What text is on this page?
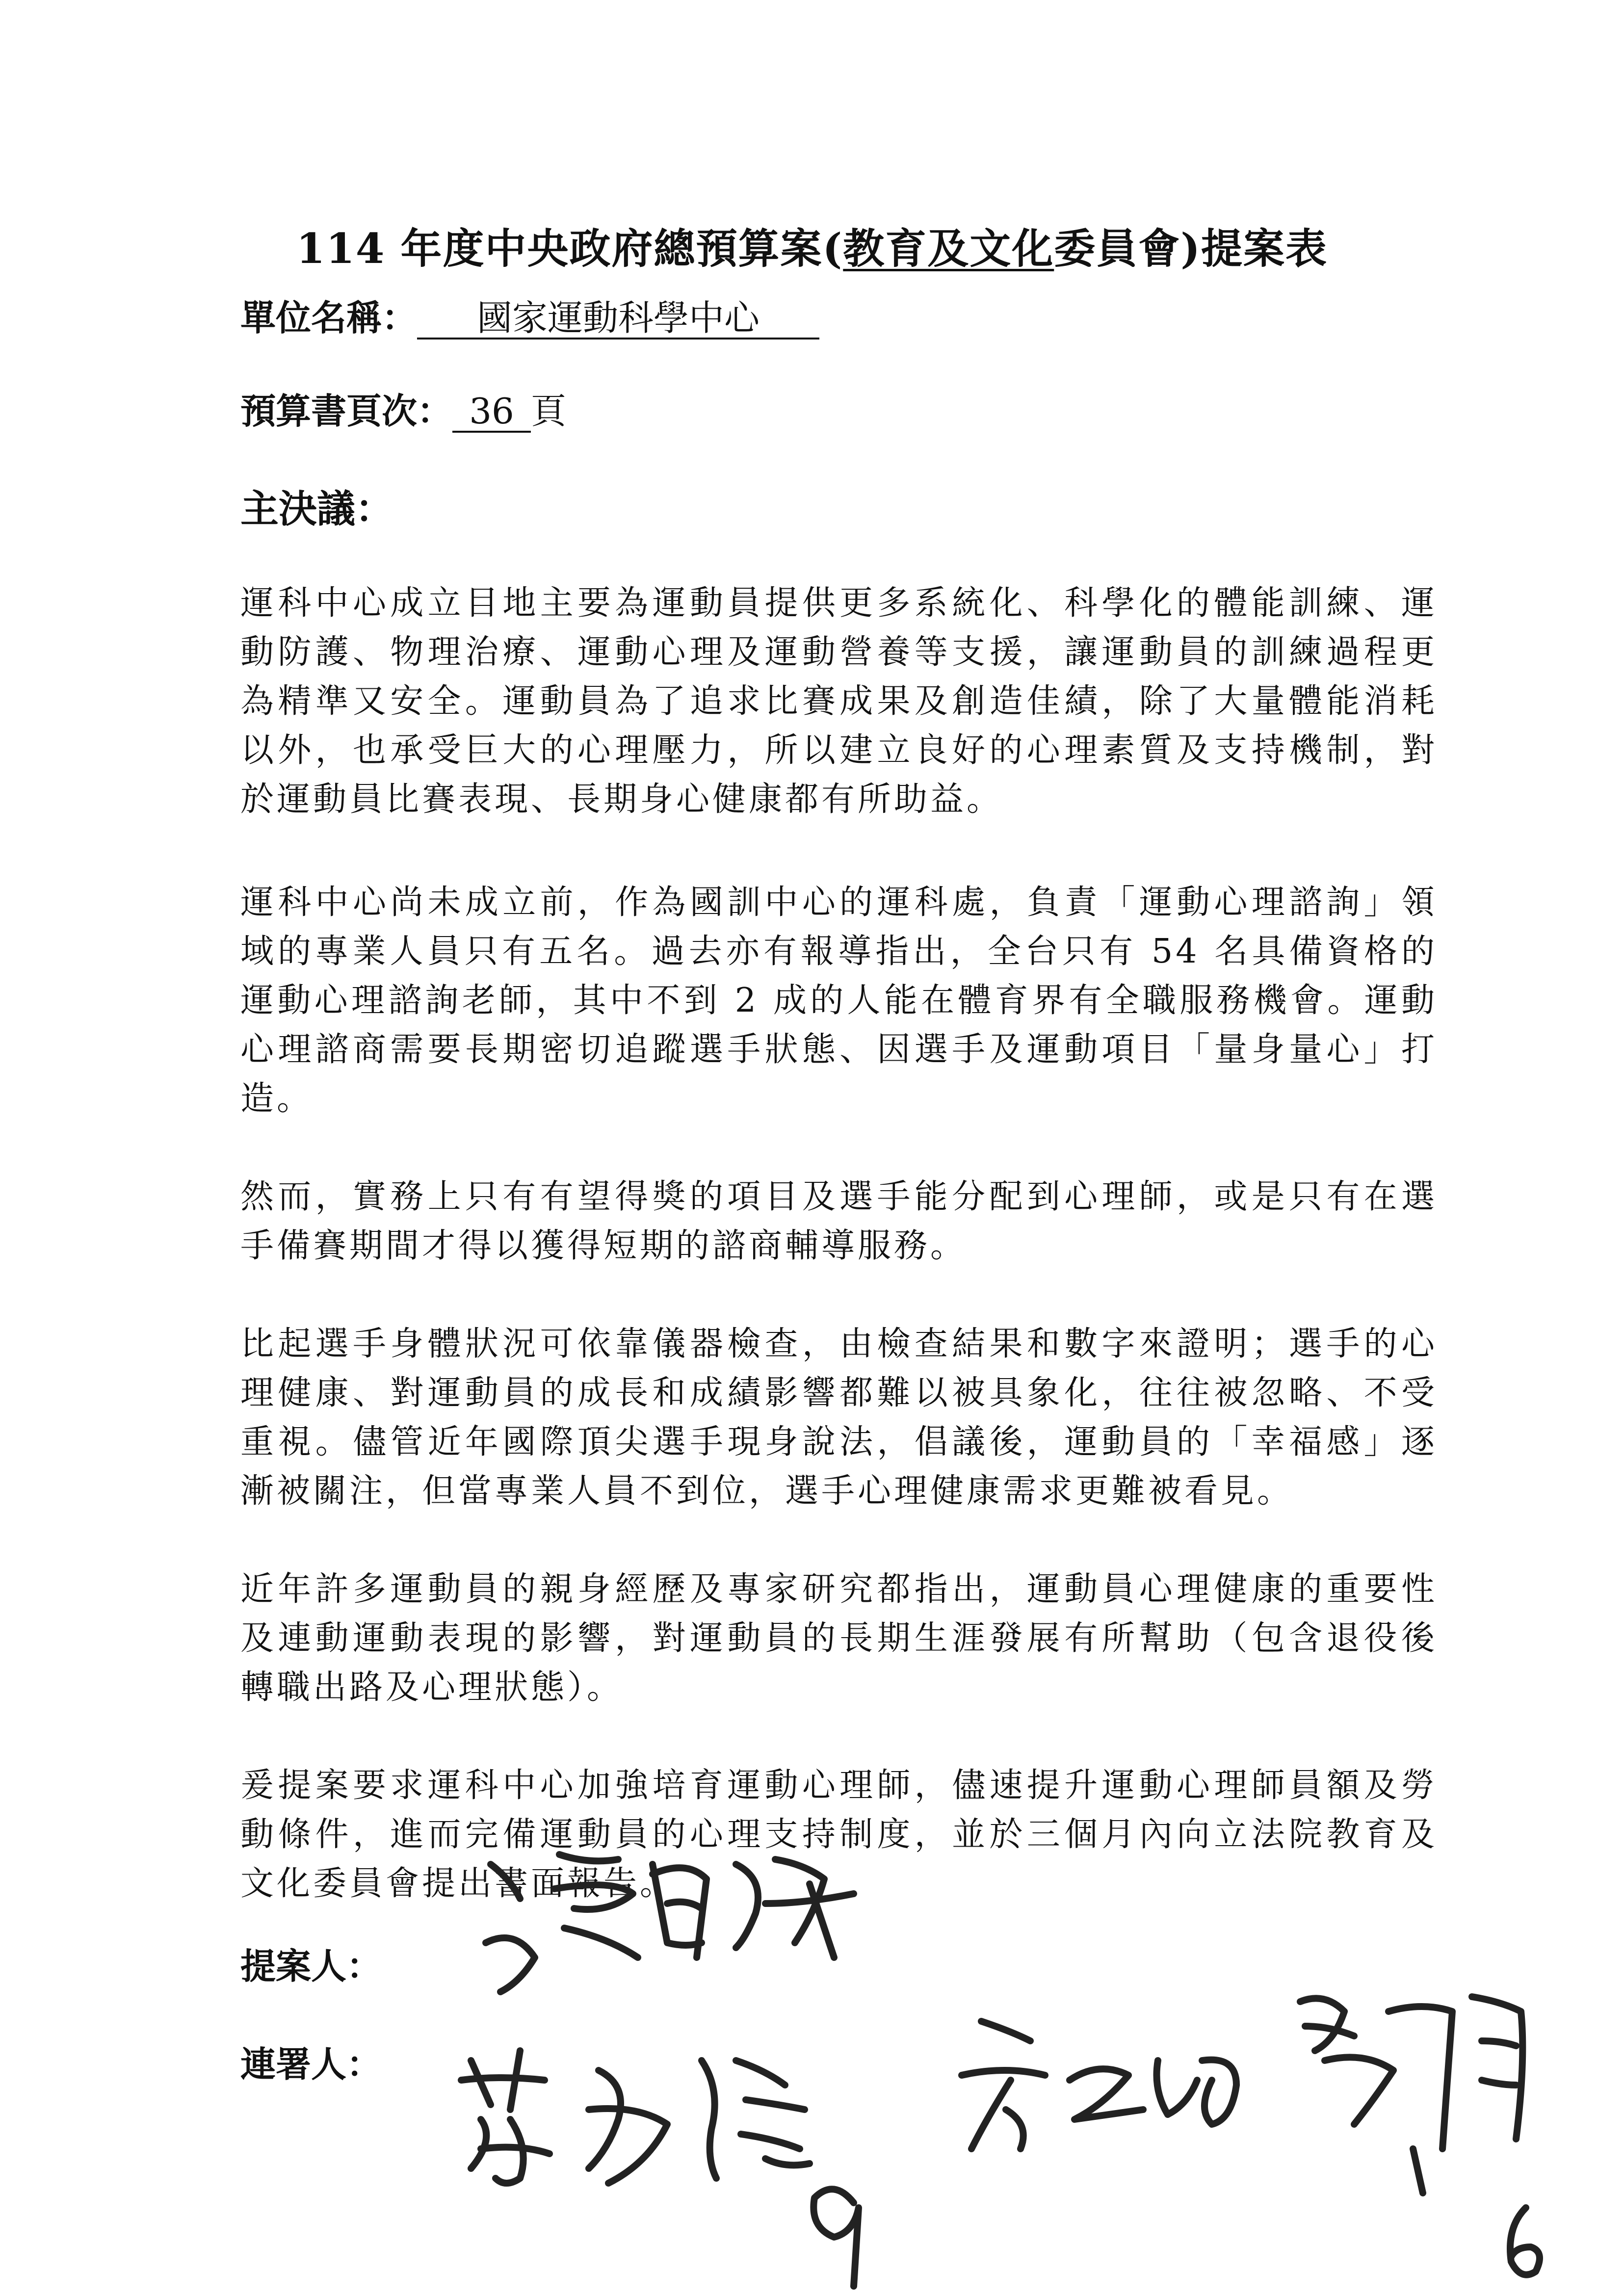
114 年度中央政府總預算案(教育及文化委員會)提案表
單位名稱： 國家運動科學中心
預算書頁次： 36 頁
主決議：

運科中心成立目地主要為運動員提供更多系統化、科學化的體能訓練、運動防護、物理治療、運動心理及運動營養等支援，讓運動員的訓練過程更為精準又安全。運動員為了追求比賽成果及創造佳績，除了大量體能消耗以外，也承受巨大的心理壓力，所以建立良好的心理素質及支持機制，對於運動員比賽表現、長期身心健康都有所助益。

運科中心尚未成立前，作為國訓中心的運科處，負責「運動心理諮詢」領域的專業人員只有五名。過去亦有報導指出，全台只有 54 名具備資格的運動心理諮詢老師，其中不到 2 成的人能在體育界有全職服務機會。運動心理諮商需要長期密切追蹤選手狀態、因選手及運動項目「量身量心」打造。

然而，實務上只有有望得獎的項目及選手能分配到心理師，或是只有在選手備賽期間才得以獲得短期的諮商輔導服務。

比起選手身體狀況可依靠儀器檢查，由檢查結果和數字來證明；選手的心理健康、對運動員的成長和成績影響都難以被具象化，往往被忽略、不受重視。儘管近年國際頂尖選手現身說法，倡議後，運動員的「幸福感」逐漸被關注，但當專業人員不到位，選手心理健康需求更難被看見。

近年許多運動員的親身經歷及專家研究都指出，運動員心理健康的重要性及連動運動表現的影響，對運動員的長期生涯發展有所幫助（包含退役後轉職出路及心理狀態）。

爰提案要求運科中心加強培育運動心理師，儘速提升運動心理師員額及勞動條件，進而完備運動員的心理支持制度，並於三個月內向立法院教育及文化委員會提出書面報告。

提案人：
連署人：
